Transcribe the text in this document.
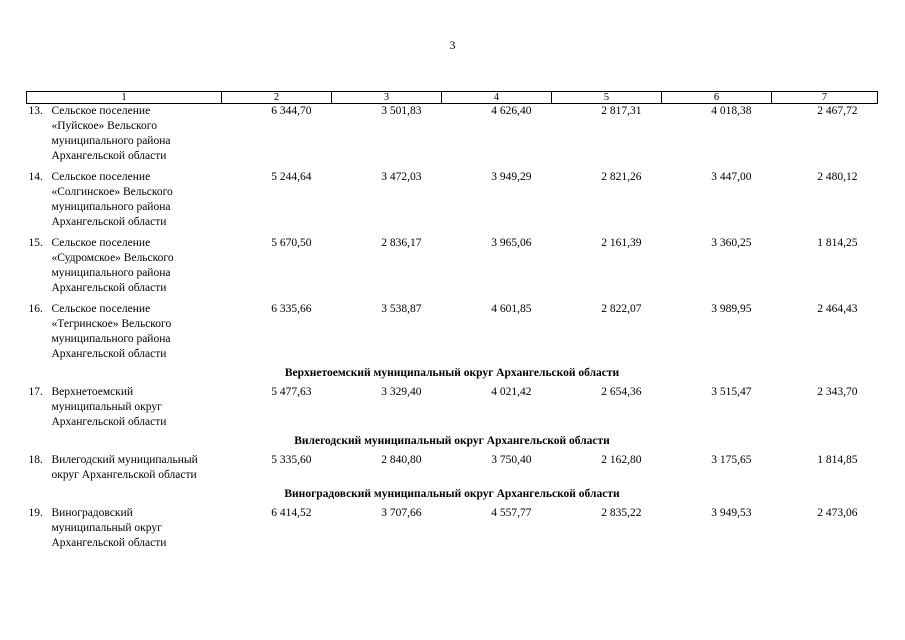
3
1	2	3	4	5	6	7

13. Сельское поселение
«Пуйское» Вельского
муниципального района
Архангельской области	6 344,70	3 501,83	4 626,40	2 817,31	4 018,38	2 467,72

14. Сельское поселение
«Солгинское» Вельского
муниципального района
Архангельской области	5 244,64	3 472,03	3 949,29	2 821,26	3 447,00	2 480,12

15. Сельское поселение
«Судромское» Вельского
муниципального района
Архангельской области	5 670,50	2 836,17	3 965,06	2 161,39	3 360,25	1 814,25

16. Сельское поселение
«Тегринское» Вельского
муниципального района
Архангельской области	6 335,66	3 538,87	4 601,85	2 822,07	3 989,95	2 464,43
Верхнетоемский муниципальный округ Архангельской области						

17. Верхнетоемский
муниципальный округ
Архангельской области	5 477,63	3 329,40	4 021,42	2 654,36	3 515,47	2 343,70
Вилегодский муниципальный округ Архангельской области						

18. Вилегодский муниципальный
округ Архангельской области	5 335,60	2 840,80	3 750,40	2 162,80	3 175,65	1 814,85
Виноградовский муниципальный округ Архангельской области						

19. Виноградовский
муниципальный округ
Архангельской области	6 414,52	3 707,66	4 557,77	2 835,22	3 949,53	2 473,06
